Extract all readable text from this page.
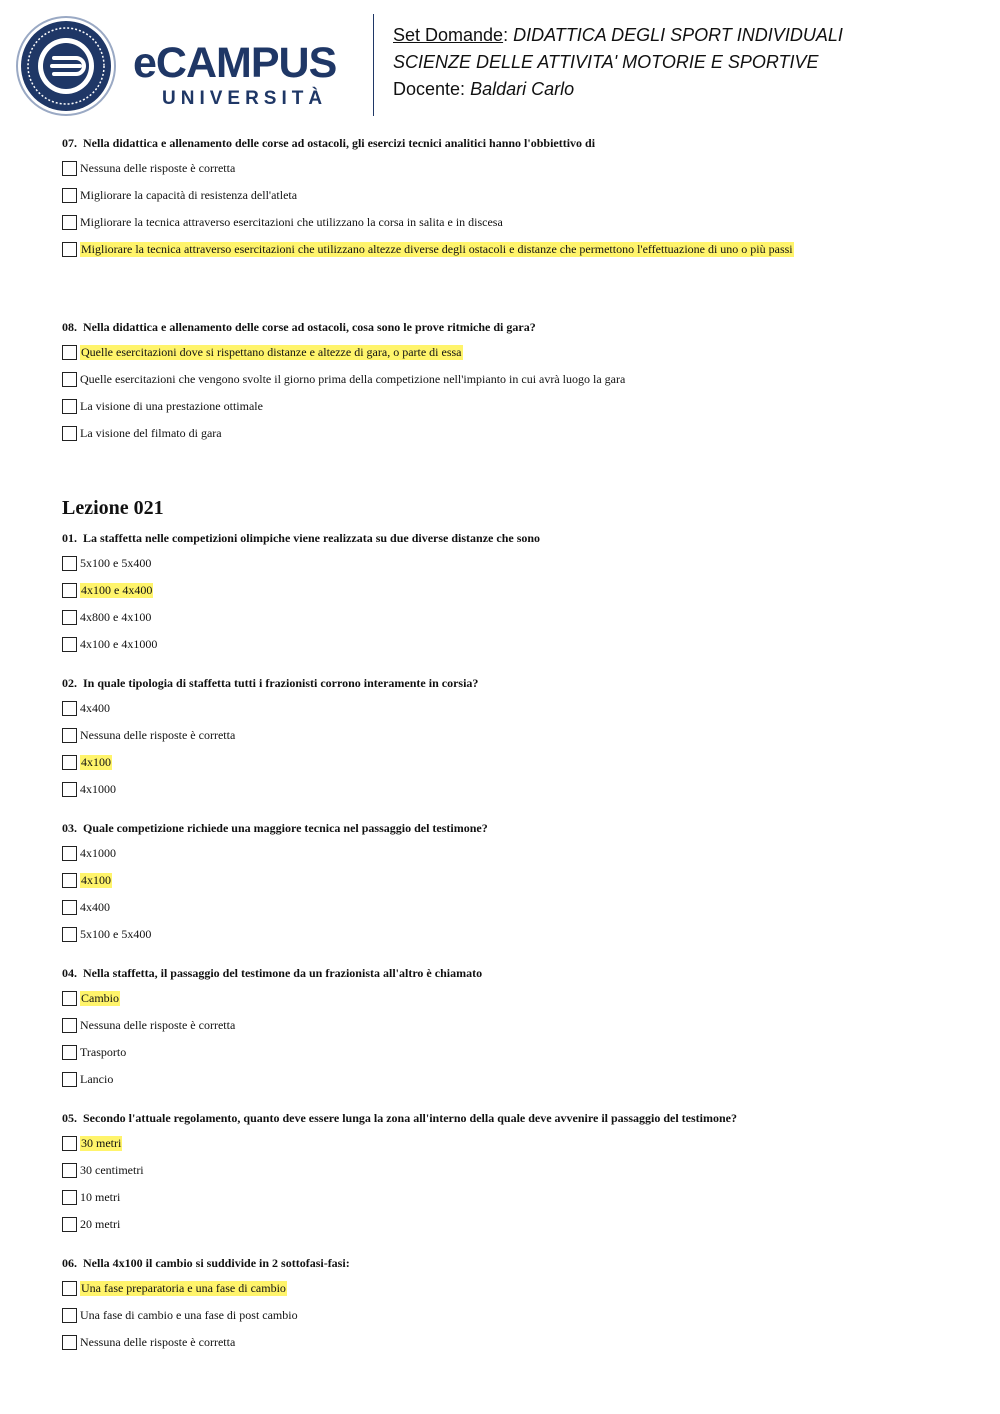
eCAMPUS
UNIVERSITÀ
Set Domande: DIDATTICA DEGLI SPORT INDIVIDUALI
SCIENZE DELLE ATTIVITA' MOTORIE E SPORTIVE
Docente: Baldari Carlo
07. Nella didattica e allenamento delle corse ad ostacoli, gli esercizi tecnici analitici hanno l'obbiettivo di
Nessuna delle risposte è corretta
Migliorare la capacità di resistenza dell'atleta
Migliorare la tecnica attraverso esercitazioni che utilizzano la corsa in salita e in discesa
Migliorare la tecnica attraverso esercitazioni che utilizzano altezze diverse degli ostacoli e distanze che permettono l'effettuazione di uno o più passi
08. Nella didattica e allenamento delle corse ad ostacoli, cosa sono le prove ritmiche di gara?
Quelle esercitazioni dove si rispettano distanze e altezze di gara, o parte di essa
Quelle esercitazioni che vengono svolte il giorno prima della competizione nell'impianto in cui avrà luogo la gara
La visione di una prestazione ottimale
La visione del filmato di gara
Lezione 021
01. La staffetta nelle competizioni olimpiche viene realizzata su due diverse distanze che sono
5x100 e 5x400
4x100 e 4x400
4x800 e 4x100
4x100 e 4x1000
02. In quale tipologia di staffetta tutti i frazionisti corrono interamente in corsia?
4x400
Nessuna delle risposte è corretta
4x100
4x1000
03. Quale competizione richiede una maggiore tecnica nel passaggio del testimone?
4x1000
4x100
4x400
5x100 e 5x400
04. Nella staffetta, il passaggio del testimone da un frazionista all'altro è chiamato
Cambio
Nessuna delle risposte è corretta
Trasporto
Lancio
05. Secondo l'attuale regolamento, quanto deve essere lunga la zona all'interno della quale deve avvenire il passaggio del testimone?
30 metri
30 centimetri
10 metri
20 metri
06. Nella 4x100 il cambio si suddivide in 2 sottofasi-fasi:
Una fase preparatoria e una fase di cambio
Una fase di cambio e una fase di post cambio
Nessuna delle risposte è corretta
